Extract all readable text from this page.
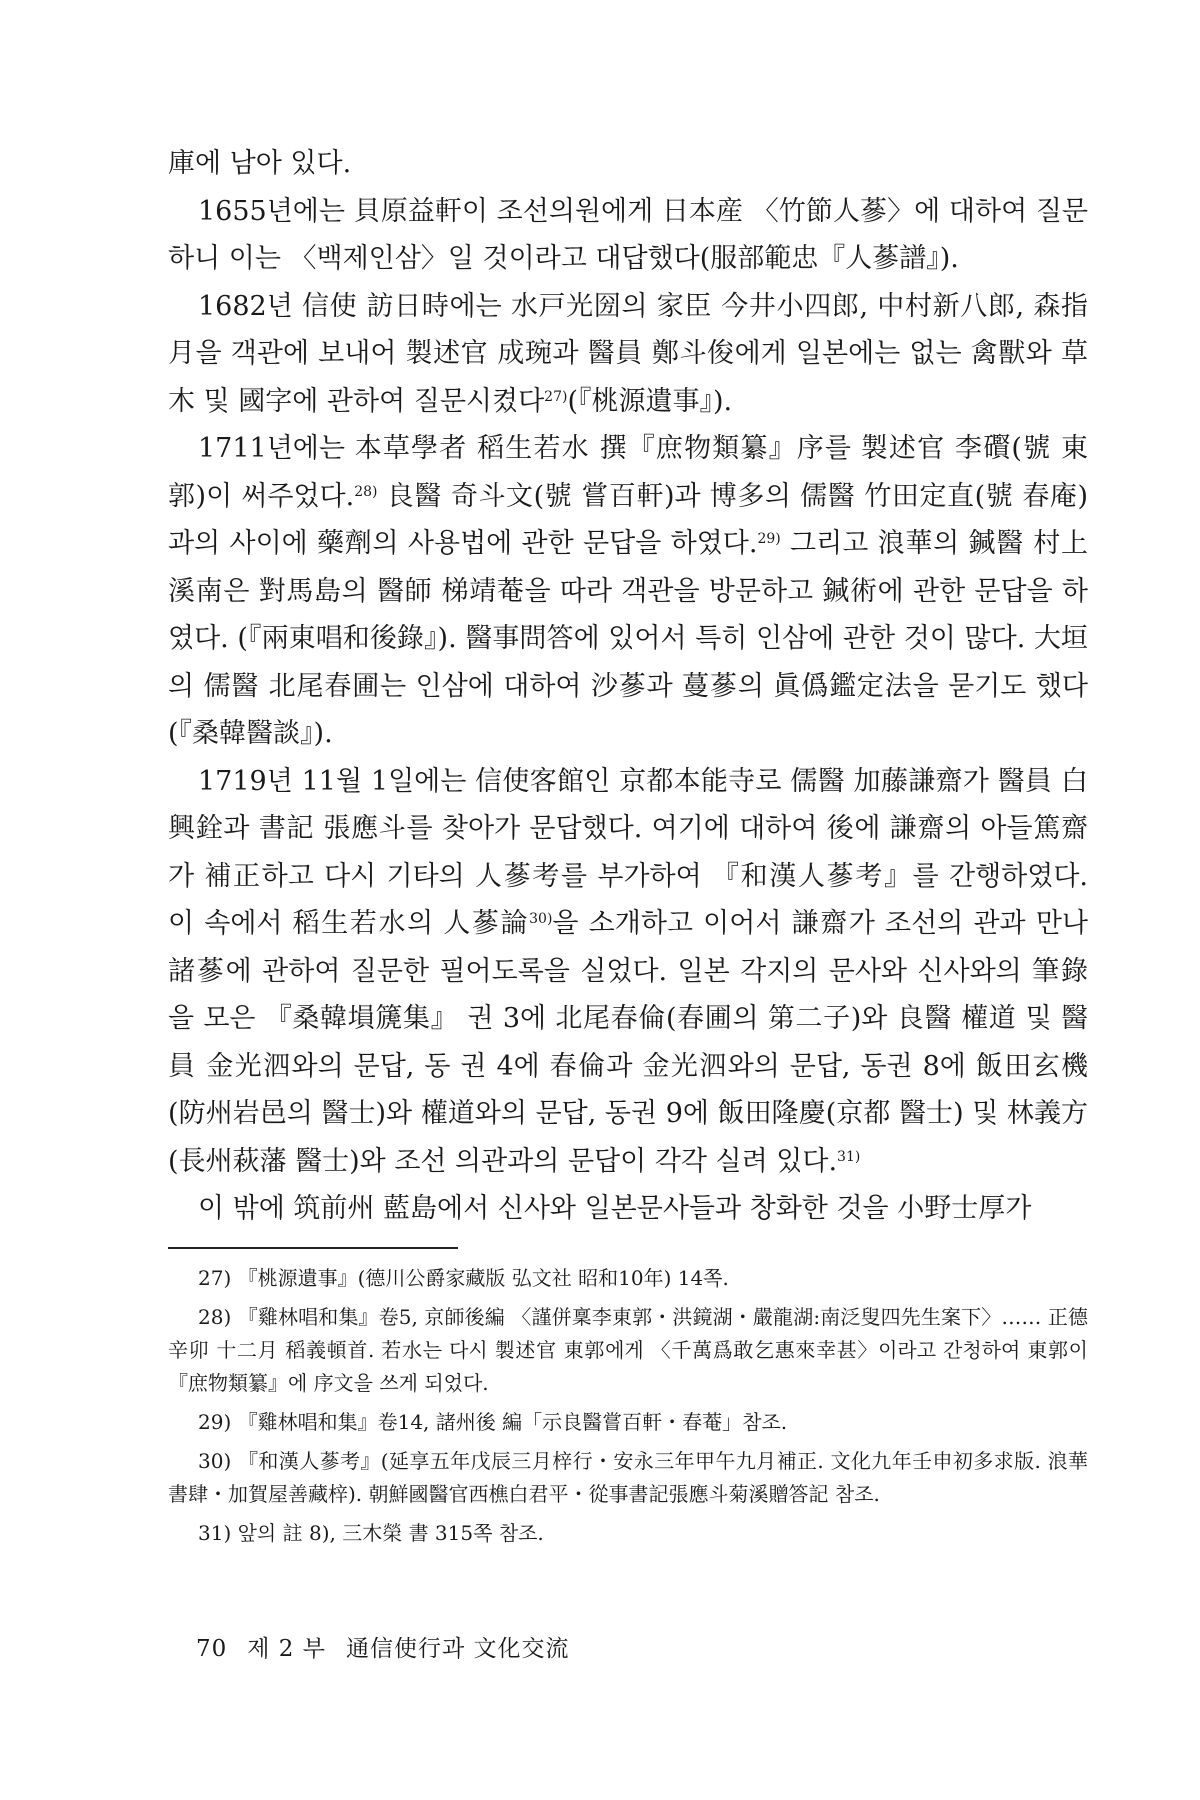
庫에 남아 있다.

1655년에는 貝原益軒이 조선의원에게 日本産 〈竹節人蔘〉에 대하여 질문하니 이는 〈백제인삼〉일 것이라고 대답했다(服部範忠『人蔘譜』).

1682년 信使 訪日時에는 水戸光圀의 家臣 今井小四郎, 中村新八郎, 森指月을 객관에 보내어 製述官 成琬과 醫員 鄭斗俊에게 일본에는 없는 禽獸와 草木 및 國字에 관하여 질문시켰다$^{27)}$(『桃源遺事』).

1711년에는 本草學者 稻生若水 撰『庶物類纂』序를 製述官 李礥(號 東郭)이 써주었다.$^{28)}$ 良醫 奇斗文(號 嘗百軒)과 博多의 儒醫 竹田定直(號 春庵)과의 사이에 藥劑의 사용법에 관한 문답을 하였다.$^{29)}$ 그리고 浪華의 鍼醫 村上溪南은 對馬島의 醫師 梯靖菴을 따라 객관을 방문하고 鍼術에 관한 문답을 하였다. (『兩東唱和後錄』). 醫事問答에 있어서 특히 인삼에 관한 것이 많다. 大垣의 儒醫 北尾春圃는 인삼에 대하여 沙蔘과 蔓蔘의 眞僞鑑定法을 묻기도 했다(『桑韓醫談』).

1719년 11월 1일에는 信使客館인 京都本能寺로 儒醫 加藤謙齋가 醫員 白興銓과 書記 張應斗를 찾아가 문답했다. 여기에 대하여 後에 謙齋의 아들篤齋가 補正하고 다시 기타의 人蔘考를 부가하여 『和漢人蔘考』를 간행하였다. 이 속에서 稻生若水의 人蔘論$^{30)}$을 소개하고 이어서 謙齋가 조선의 관과 만나 諸蔘에 관하여 질문한 필어도록을 실었다. 일본 각지의 문사와 신사와의 筆錄을 모은 『桑韓塤篪集』 권 3에 北尾春倫(春圃의 第二子)와 良醫 權道 및 醫員 金光泗와의 문답, 동 권 4에 春倫과 金光泗와의 문답, 동권 8에 飯田玄機(防州岩邑의 醫士)와 權道와의 문답, 동권 9에 飯田隆慶(京都 醫士) 및 林義方(長州萩藩 醫士)와 조선 의관과의 문답이 각각 실려 있다.$^{31)}$

이 밖에 筑前州 藍島에서 신사와 일본문사들과 창화한 것을 小野士厚가

27) 『桃源遺事』(德川公爵家藏版 弘文社 昭和10年) 14쪽.

28) 『雞林唱和集』卷5, 京師後編 〈謹併稟李東郭・洪鏡湖・嚴龍湖:南泛叟四先生案下〉…… 正德 辛卯 十二月 稻義頓首. 若水는 다시 製述官 東郭에게 〈千萬爲敢乞惠來幸甚〉이라고 간청하여 東郭이『庶物類纂』에 序文을 쓰게 되었다.

29) 『雞林唱和集』卷14, 諸州後 編「示良醫嘗百軒・春菴」참조.

30) 『和漢人蔘考』(延享五年戊辰三月梓行・安永三年甲午九月補正. 文化九年壬申初多求版. 浪華書肆・加賀屋善藏梓). 朝鮮國醫官西樵白君平・從事書記張應斗菊溪贈答記 참조.

31) 앞의 註 8), 三木榮 書 315쪽 참조.

70 제 2 부 通信使行과 文化交流
